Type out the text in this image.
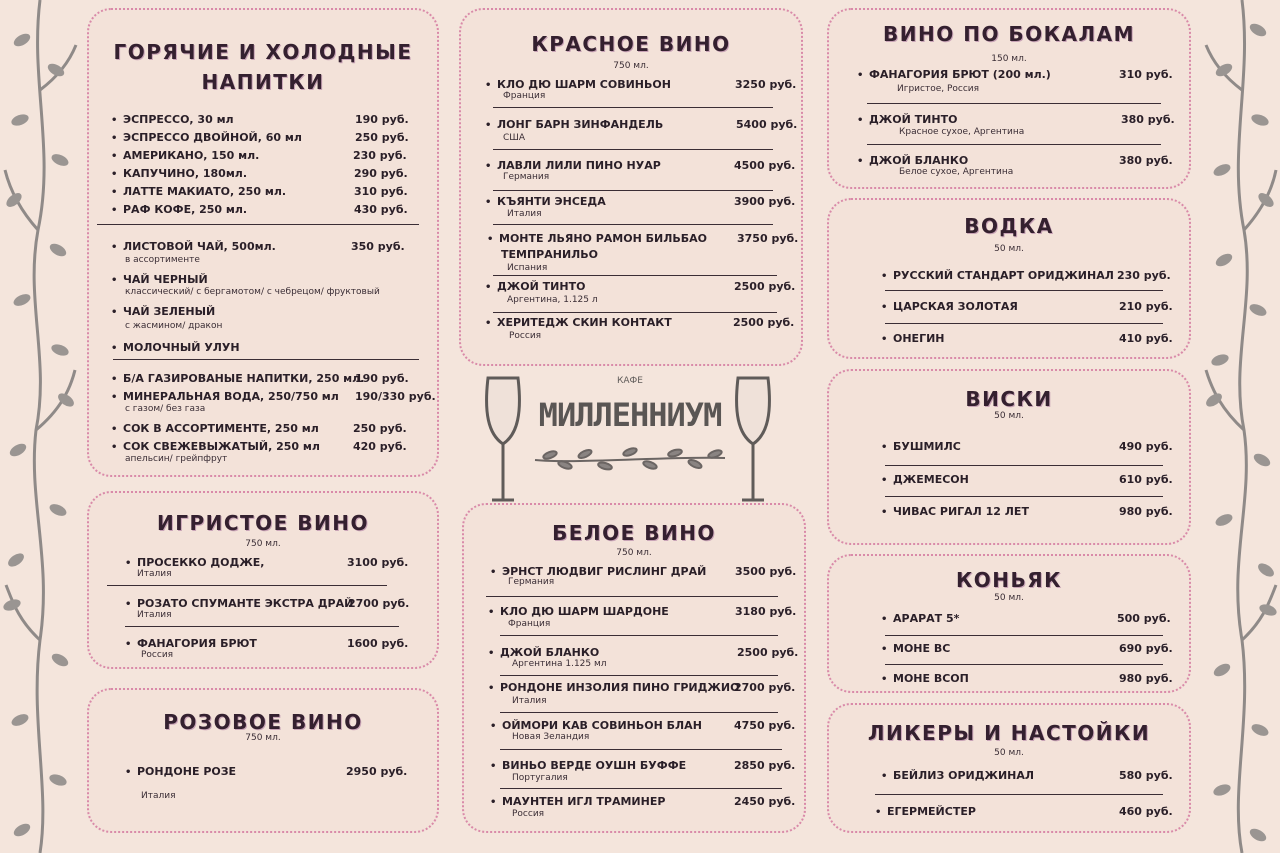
ГОРЯЧИЕ И ХОЛОДНЫЕ
НАПИТКИ
• ЭСПРЕССО, 30 мл	190 руб.
• ЭСПРЕССО ДВОЙНОЙ, 60 мл	250 руб.
• АМЕРИКАНО, 150 мл.	230 руб.
• КАПУЧИНО, 180мл.	290 руб.
• ЛАТТЕ МАКИАТО, 250 мл.	310 руб.
• РАФ КОФЕ, 250 мл.	430 руб.
• ЛИСТОВОЙ ЧАЙ, 500мл.	350 руб.
в ассортименте
• ЧАЙ ЧЕРНЫЙ
классический/ с бергамотом/ с чебрецом/ фруктовый
• ЧАЙ ЗЕЛЕНЫЙ
с жасмином/ дракон
• МОЛОЧНЫЙ УЛУН
• Б/А ГАЗИРОВАНЫЕ НАПИТКИ, 250 мл.
190 руб.
• МИНЕРАЛЬНАЯ ВОДА, 250/750 мл 190/330 руб.
с газом/ без газа
• СОК В АССОРТИМЕНТЕ, 250 мл	250 руб.
• СОК СВЕЖЕВЫЖАТЫЙ, 250 мл	420 руб.
апельсин/ грейпфрут
ИГРИСТОЕ ВИНО
750 мл.
• ПРОСЕККО ДОДЖЕ,	3100 руб.
Италия
• РОЗАТО СПУМАНТЕ ЭКСТРА ДРАЙ
2700 руб.
Италия
• ФАНАГОРИЯ БРЮТ	1600 руб.
Россия
РОЗОВОЕ ВИНО
750 мл.
• РОНДОНЕ РОЗЕ	2950 руб.
Италия
КРАСНОЕ ВИНО
750 мл.
• КЛО ДЮ ШАРМ СОВИНЬОН	3250 руб.
Франция
• ЛОНГ БАРН ЗИНФАНДЕЛЬ	5400 руб.
США
• ЛАВЛИ ЛИЛИ ПИНО НУАР	4500 руб.
Германия
• КЪЯНТИ ЭНСЕДА	3900 руб.
Италия
• МОНТЕ ЛЬЯНО РАМОН БИЛЬБАО
ТЕМПРАНИЛЬО
3750 руб.
Испания
• ДЖОЙ ТИНТО	2500 руб.
Аргентина, 1.125 л
• ХЕРИТЕДЖ СКИН КОНТАКТ	2500 руб.
Россия
КАФЕ
МИЛЛЕННИУМ
БЕЛОЕ ВИНО
750 мл.
• ЭРНСТ ЛЮДВИГ РИСЛИНГ ДРАЙ	3500 руб.
Германия
• КЛО ДЮ ШАРМ ШАРДОНЕ	3180 руб.
Франция
• ДЖОЙ БЛАНКО	2500 руб.
Аргентина 1.125 мл
• РОНДОНЕ ИНЗОЛИЯ ПИНО ГРИДЖИО
2700 руб.
Италия
• ОЙМОРИ КАВ СОВИНЬОН БЛАН	4750 руб.
Новая Зеландия
• ВИНЬО ВЕРДЕ ОУШН БУФФЕ	2850 руб.
Португалия
• МАУНТЕН ИГЛ ТРАМИНЕР	2450 руб.
Россия
ВИНО ПО БОКАЛАМ
150 мл.
• ФАНАГОРИЯ БРЮТ (200 мл.)	310 руб.
Игристое, Россия
• ДЖОЙ ТИНТО	380 руб.
Красное сухое, Аргентина
• ДЖОЙ БЛАНКО	380 руб.
Белое сухое, Аргентина
ВОДКА
50 мл.
• РУССКИЙ СТАНДАРТ ОРИДЖИНАЛ 230 руб.
• ЦАРСКАЯ ЗОЛОТАЯ	210 руб.
• ОНЕГИН	410 руб.
ВИСКИ
50 мл.
• БУШМИЛС	490 руб.
• ДЖЕМЕСОН	610 руб.
• ЧИВАС РИГАЛ 12 ЛЕТ	980 руб.
КОНЬЯК
50 мл.
• АРАРАТ 5*	500 руб.
• МОНЕ ВС	690 руб.
• МОНЕ ВСОП	980 руб.
ЛИКЕРЫ И НАСТОЙКИ
50 мл.
• БЕЙЛИЗ ОРИДЖИНАЛ	580 руб.
• ЕГЕРМЕЙСТЕР	460 руб.
